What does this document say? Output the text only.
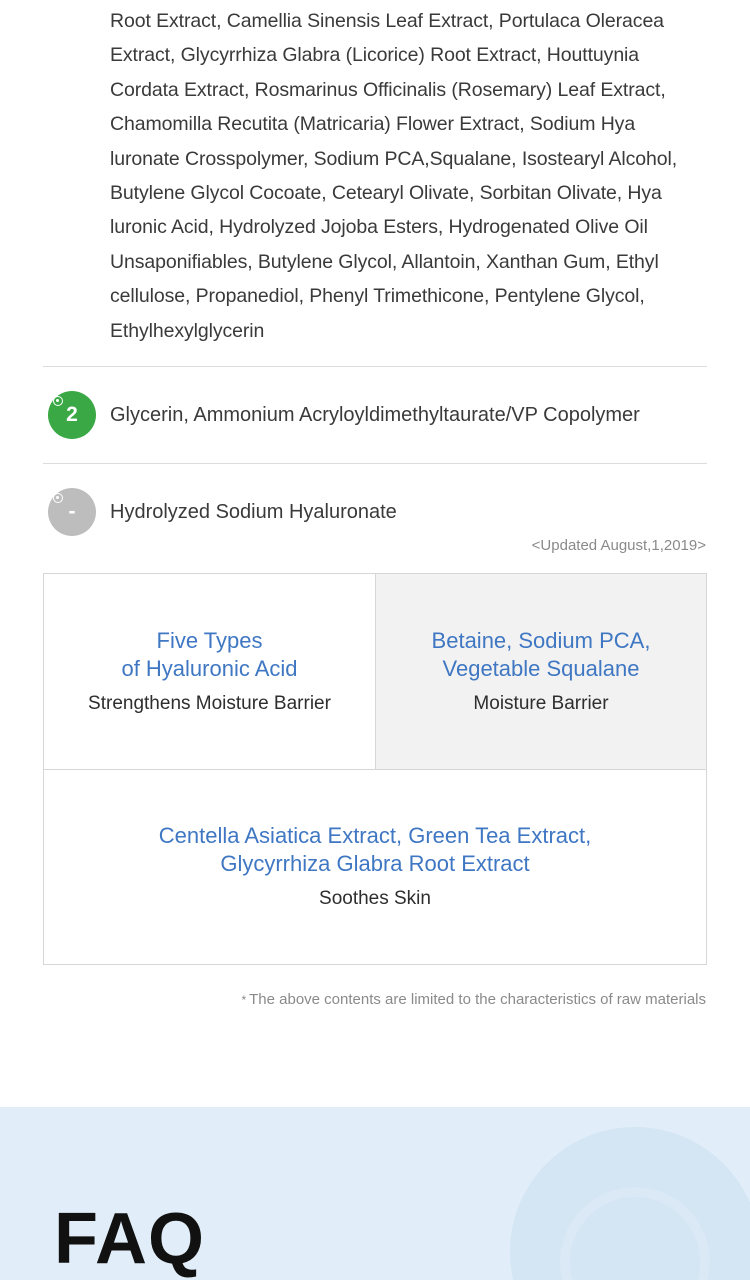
Root Extract, Camellia Sinensis Leaf Extract, Portulaca Oleracea
Extract, Glycyrrhiza Glabra (Licorice) Root Extract, Houttuynia
Cordata Extract, Rosmarinus Officinalis (Rosemary) Leaf Extract,
Chamomilla Recutita (Matricaria) Flower Extract, Sodium Hya
luronate Crosspolymer, Sodium PCA,Squalane, Isostearyl Alcohol,
Butylene Glycol Cocoate, Cetearyl Olivate, Sorbitan Olivate, Hya
luronic Acid, Hydrolyzed Jojoba Esters, Hydrogenated Olive Oil
Unsaponifiables, Butylene Glycol, Allantoin, Xanthan Gum, Ethyl
cellulose, Propanediol, Phenyl Trimethicone, Pentylene Glycol,
Ethylhexylglycerin
2	Glycerin, Ammonium Acryloyldimethyltaurate/VP Copolymer
-	Hydrolyzed Sodium Hyaluronate
<Updated August,1,2019>
Five Types
of Hyaluronic Acid
Strengthens Moisture Barrier
Betaine, Sodium PCA,
Vegetable Squalane
Moisture Barrier
Centella Asiatica Extract, Green Tea Extract,
Glycyrrhiza Glabra Root Extract
Soothes Skin
* The above contents are limited to the characteristics of raw materials
FAQ
